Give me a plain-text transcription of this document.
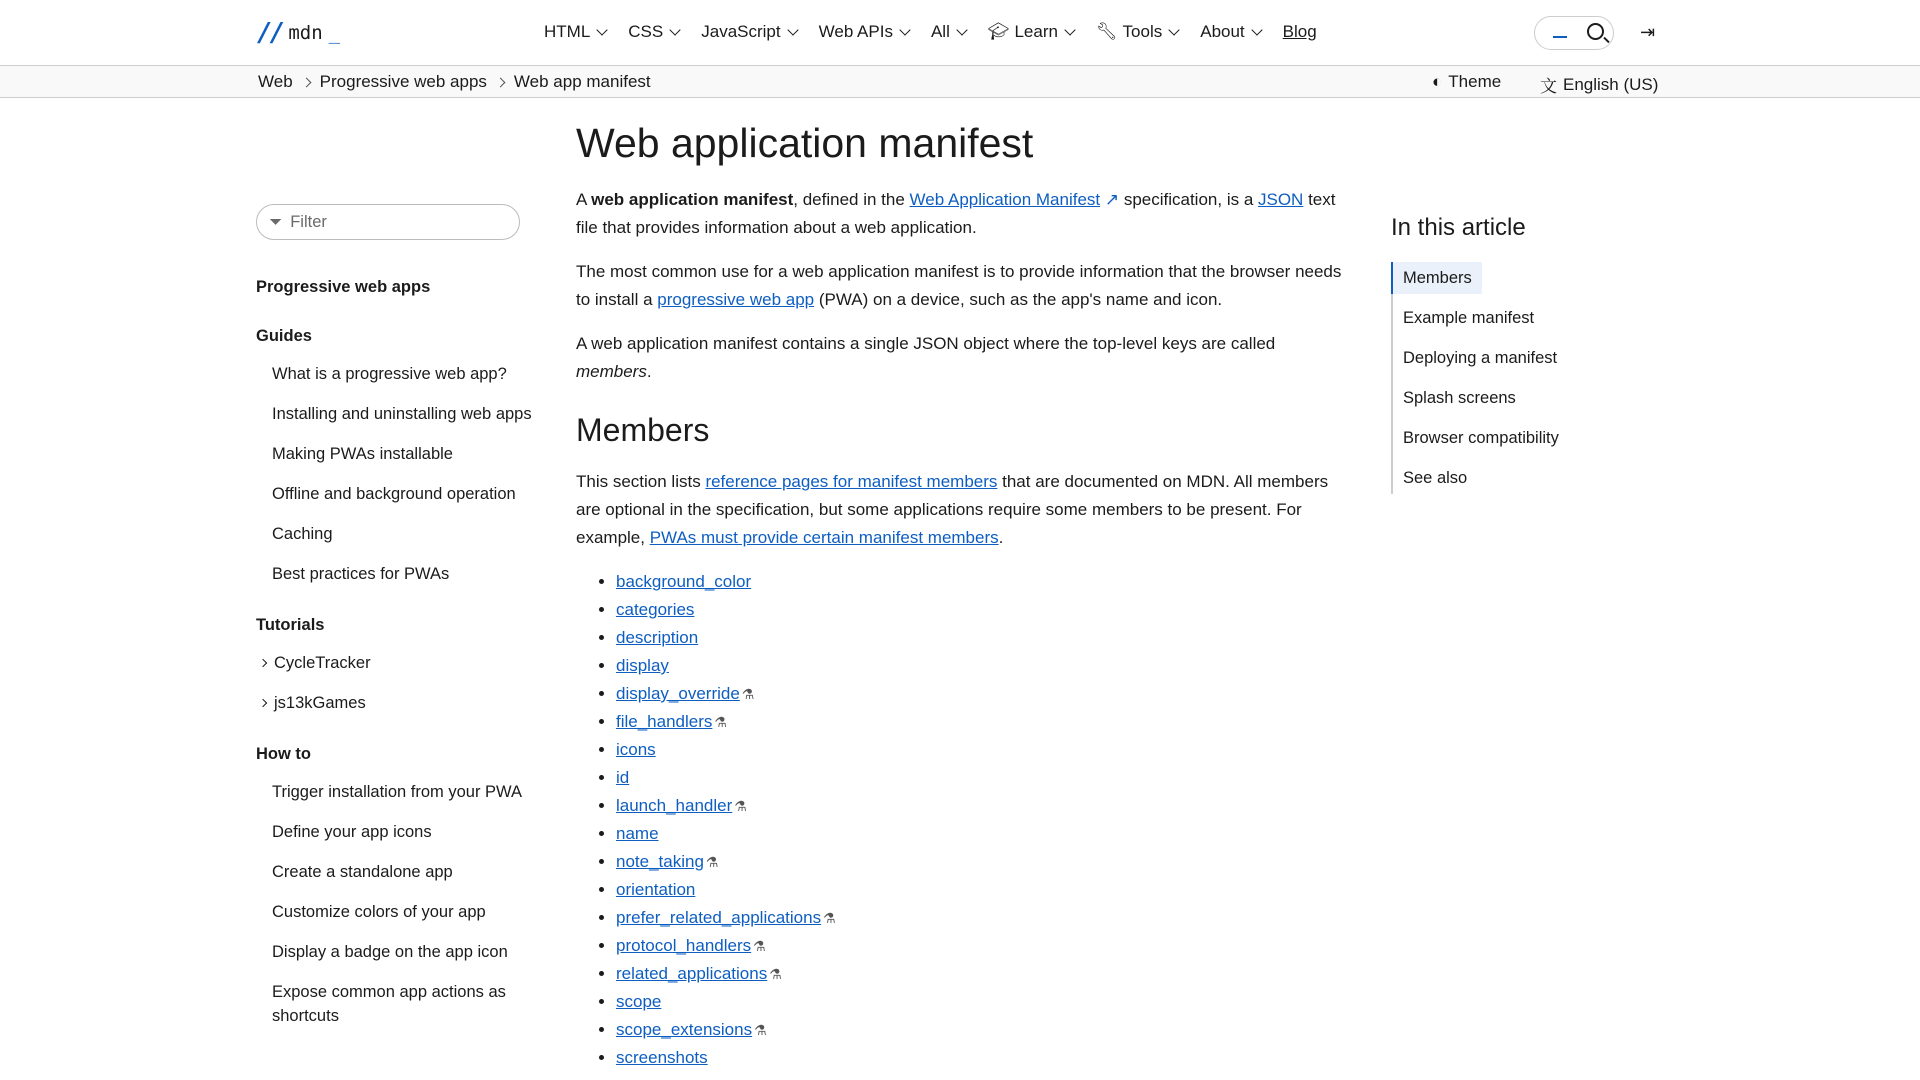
// mdn _	HTML CSS JavaScript Web APIs All 🎓︎ Learn 🔧︎ Tools About Blog	⇥
Web Progressive web apps Web app manifest	◐ Theme 文 English (US)
⏷ Filter
Progressive web apps
Guides
What is a progressive web app?
Installing and uninstalling web apps
Making PWAs installable
Offline and background operation
Caching
Best practices for PWAs
Tutorials
CycleTracker
js13kGames
How to
Trigger installation from your PWA
Define your app icons
Create a standalone app
Customize colors of your app
Display a badge on the app icon
Expose common app actions as shortcuts
Web application manifest

A web application manifest, defined in the Web Application Manifest ↗ specification, is a JSON text file that provides information about a web application.

The most common use for a web application manifest is to provide information that the browser needs to install a progressive web app (PWA) on a device, such as the app's name and icon.

A web application manifest contains a single JSON object where the top-level keys are called members.

Members

This section lists reference pages for manifest members that are documented on MDN. All members are optional in the specification, but some applications require some members to be present. For example, PWAs must provide certain manifest members.

• background_color
• categories
• description
• display
• display_override ⚗
• file_handlers ⚗
• icons
• id
• launch_handler ⚗
• name
• note_taking ⚗
• orientation
• prefer_related_applications ⚗
• protocol_handlers ⚗
• related_applications ⚗
• scope
• scope_extensions ⚗
• screenshots
In this article
Members
Example manifest
Deploying a manifest
Splash screens
Browser compatibility
See also
